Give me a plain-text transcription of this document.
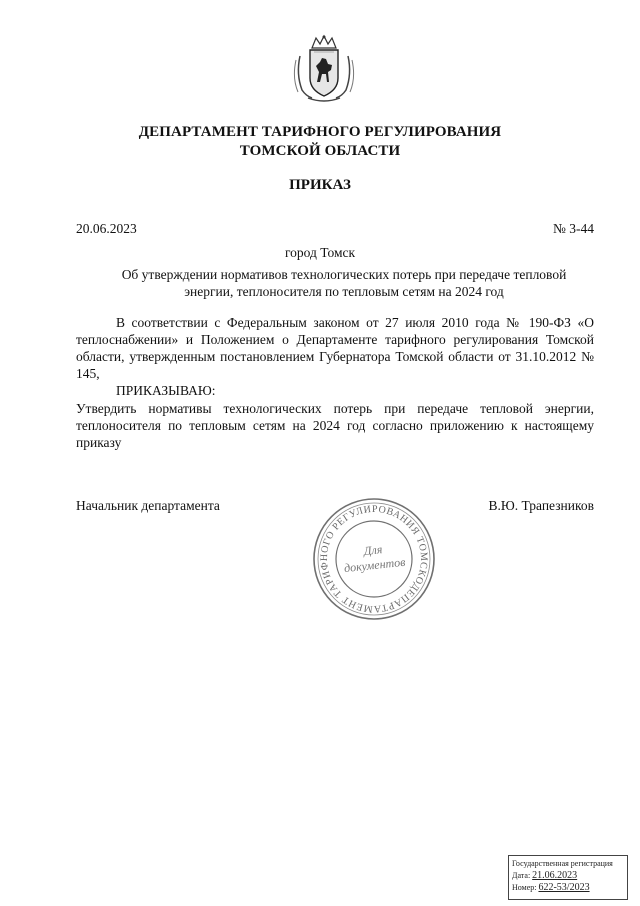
ДЕПАРТАМЕНТ ТАРИФНОГО РЕГУЛИРОВАНИЯ
ТОМСКОЙ ОБЛАСТИ
ПРИКАЗ
20.06.2023	№ 3-44
город Томск
Об утверждении нормативов технологических потерь при передаче тепловой
энергии, теплоносителя по тепловым сетям на 2024 год
В соответствии с Федеральным законом от 27 июля 2010 года № 190-ФЗ «О теплоснабжении» и Положением о Департаменте тарифного регулирования Томской области, утвержденным постановлением Губернатора Томской области от 31.10.2012 № 145,
ПРИКАЗЫВАЮ:
Утвердить нормативы технологических потерь при передаче тепловой энергии, теплоносителя по тепловым сетям на 2024 год согласно приложению к настоящему приказу
Начальник департамента	В.Ю. Трапезников
ДЕПАРТАМЕНТ ТАРИФНОГО РЕГУЛИРОВАНИЯ ТОМСКО
Для
документов
Государственная регистрация
Дата: 21.06.2023
Номер: 622-53/2023
